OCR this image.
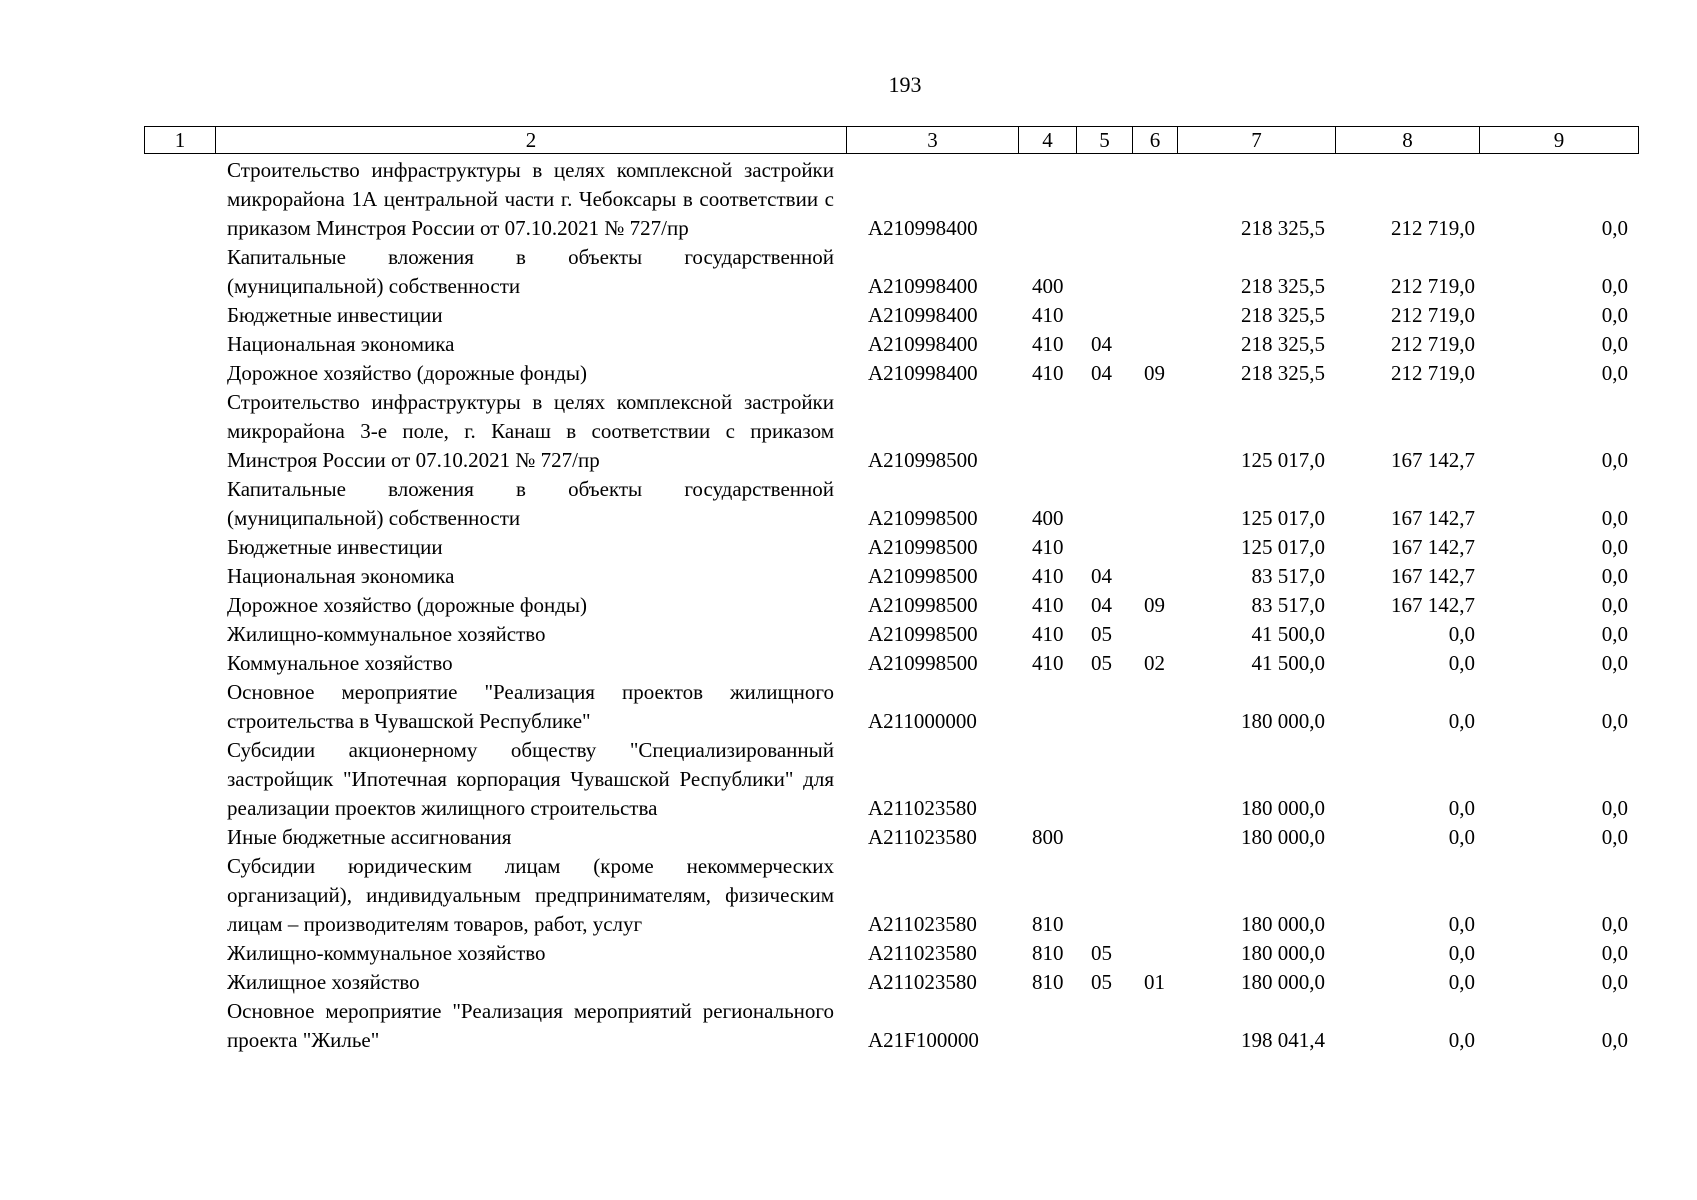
193
1	2	3	4	5	6	7	8	9
	Строительство инфраструктуры в целях комплексной застройки микрорайона 1А центральной части г. Чебоксары в соответствии с приказом Минстроя России от 07.10.2021 № 727/пр	А210998400				218 325,5	212 719,0	0,0
	Капитальные вложения в объекты государственной (муниципальной) собственности	А210998400	400			218 325,5	212 719,0	0,0
	Бюджетные инвестиции	А210998400	410			218 325,5	212 719,0	0,0
	Национальная экономика	А210998400	410	04		218 325,5	212 719,0	0,0
	Дорожное хозяйство (дорожные фонды)	А210998400	410	04	09	218 325,5	212 719,0	0,0
	Строительство инфраструктуры в целях комплексной застройки микрорайона 3-е поле, г. Канаш в соответствии с приказом Минстроя России от 07.10.2021 № 727/пр	А210998500				125 017,0	167 142,7	0,0
	Капитальные вложения в объекты государственной (муниципальной) собственности	А210998500	400			125 017,0	167 142,7	0,0
	Бюджетные инвестиции	А210998500	410			125 017,0	167 142,7	0,0
	Национальная экономика	А210998500	410	04		83 517,0	167 142,7	0,0
	Дорожное хозяйство (дорожные фонды)	А210998500	410	04	09	83 517,0	167 142,7	0,0
	Жилищно-коммунальное хозяйство	А210998500	410	05		41 500,0	0,0	0,0
	Коммунальное хозяйство	А210998500	410	05	02	41 500,0	0,0	0,0
	Основное мероприятие "Реализация проектов жилищного строительства в Чувашской Республике"	А211000000				180 000,0	0,0	0,0
	Субсидии акционерному обществу "Специализированный застройщик "Ипотечная корпорация Чувашской Республики" для реализации проектов жилищного строительства	А211023580				180 000,0	0,0	0,0
	Иные бюджетные ассигнования	А211023580	800			180 000,0	0,0	0,0
	Субсидии юридическим лицам (кроме некоммерческих организаций), индивидуальным предпринимателям, физическим лицам – производителям товаров, работ, услуг	А211023580	810			180 000,0	0,0	0,0
	Жилищно-коммунальное хозяйство	А211023580	810	05		180 000,0	0,0	0,0
	Жилищное хозяйство	А211023580	810	05	01	180 000,0	0,0	0,0
	Основное мероприятие "Реализация мероприятий регионального проекта "Жилье"	А21F100000				198 041,4	0,0	0,0
